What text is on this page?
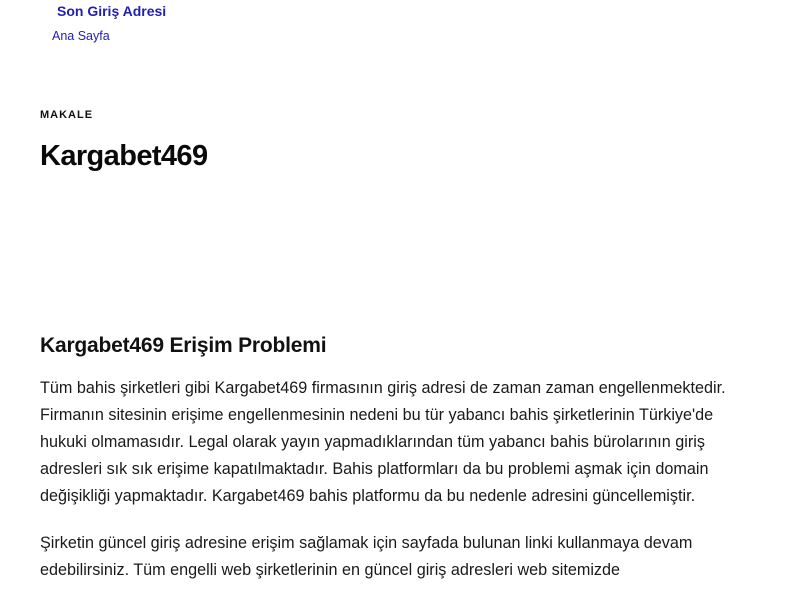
Son Giriş Adresi
Ana Sayfa
MAKALE
Kargabet469
Kargabet469 Erişim Problemi

Tüm bahis şirketleri gibi Kargabet469 firmasının giriş adresi de zaman zaman engellenmektedir. Firmanın sitesinin erişime engellenmesinin nedeni bu tür yabancı bahis şirketlerinin Türkiye'de hukuki olmamasıdır. Legal olarak yayın yapmadıklarından tüm yabancı bahis bürolarının giriş adresleri sık sık erişime kapatılmaktadır. Bahis platformları da bu problemi aşmak için domain değişikliği yapmaktadır. Kargabet469 bahis platformu da bu nedenle adresini güncellemiştir.

Şirketin güncel giriş adresine erişim sağlamak için sayfada bulunan linki kullanmaya devam edebilirsiniz. Tüm engelli web şirketlerinin en güncel giriş adresleri web sitemizde
